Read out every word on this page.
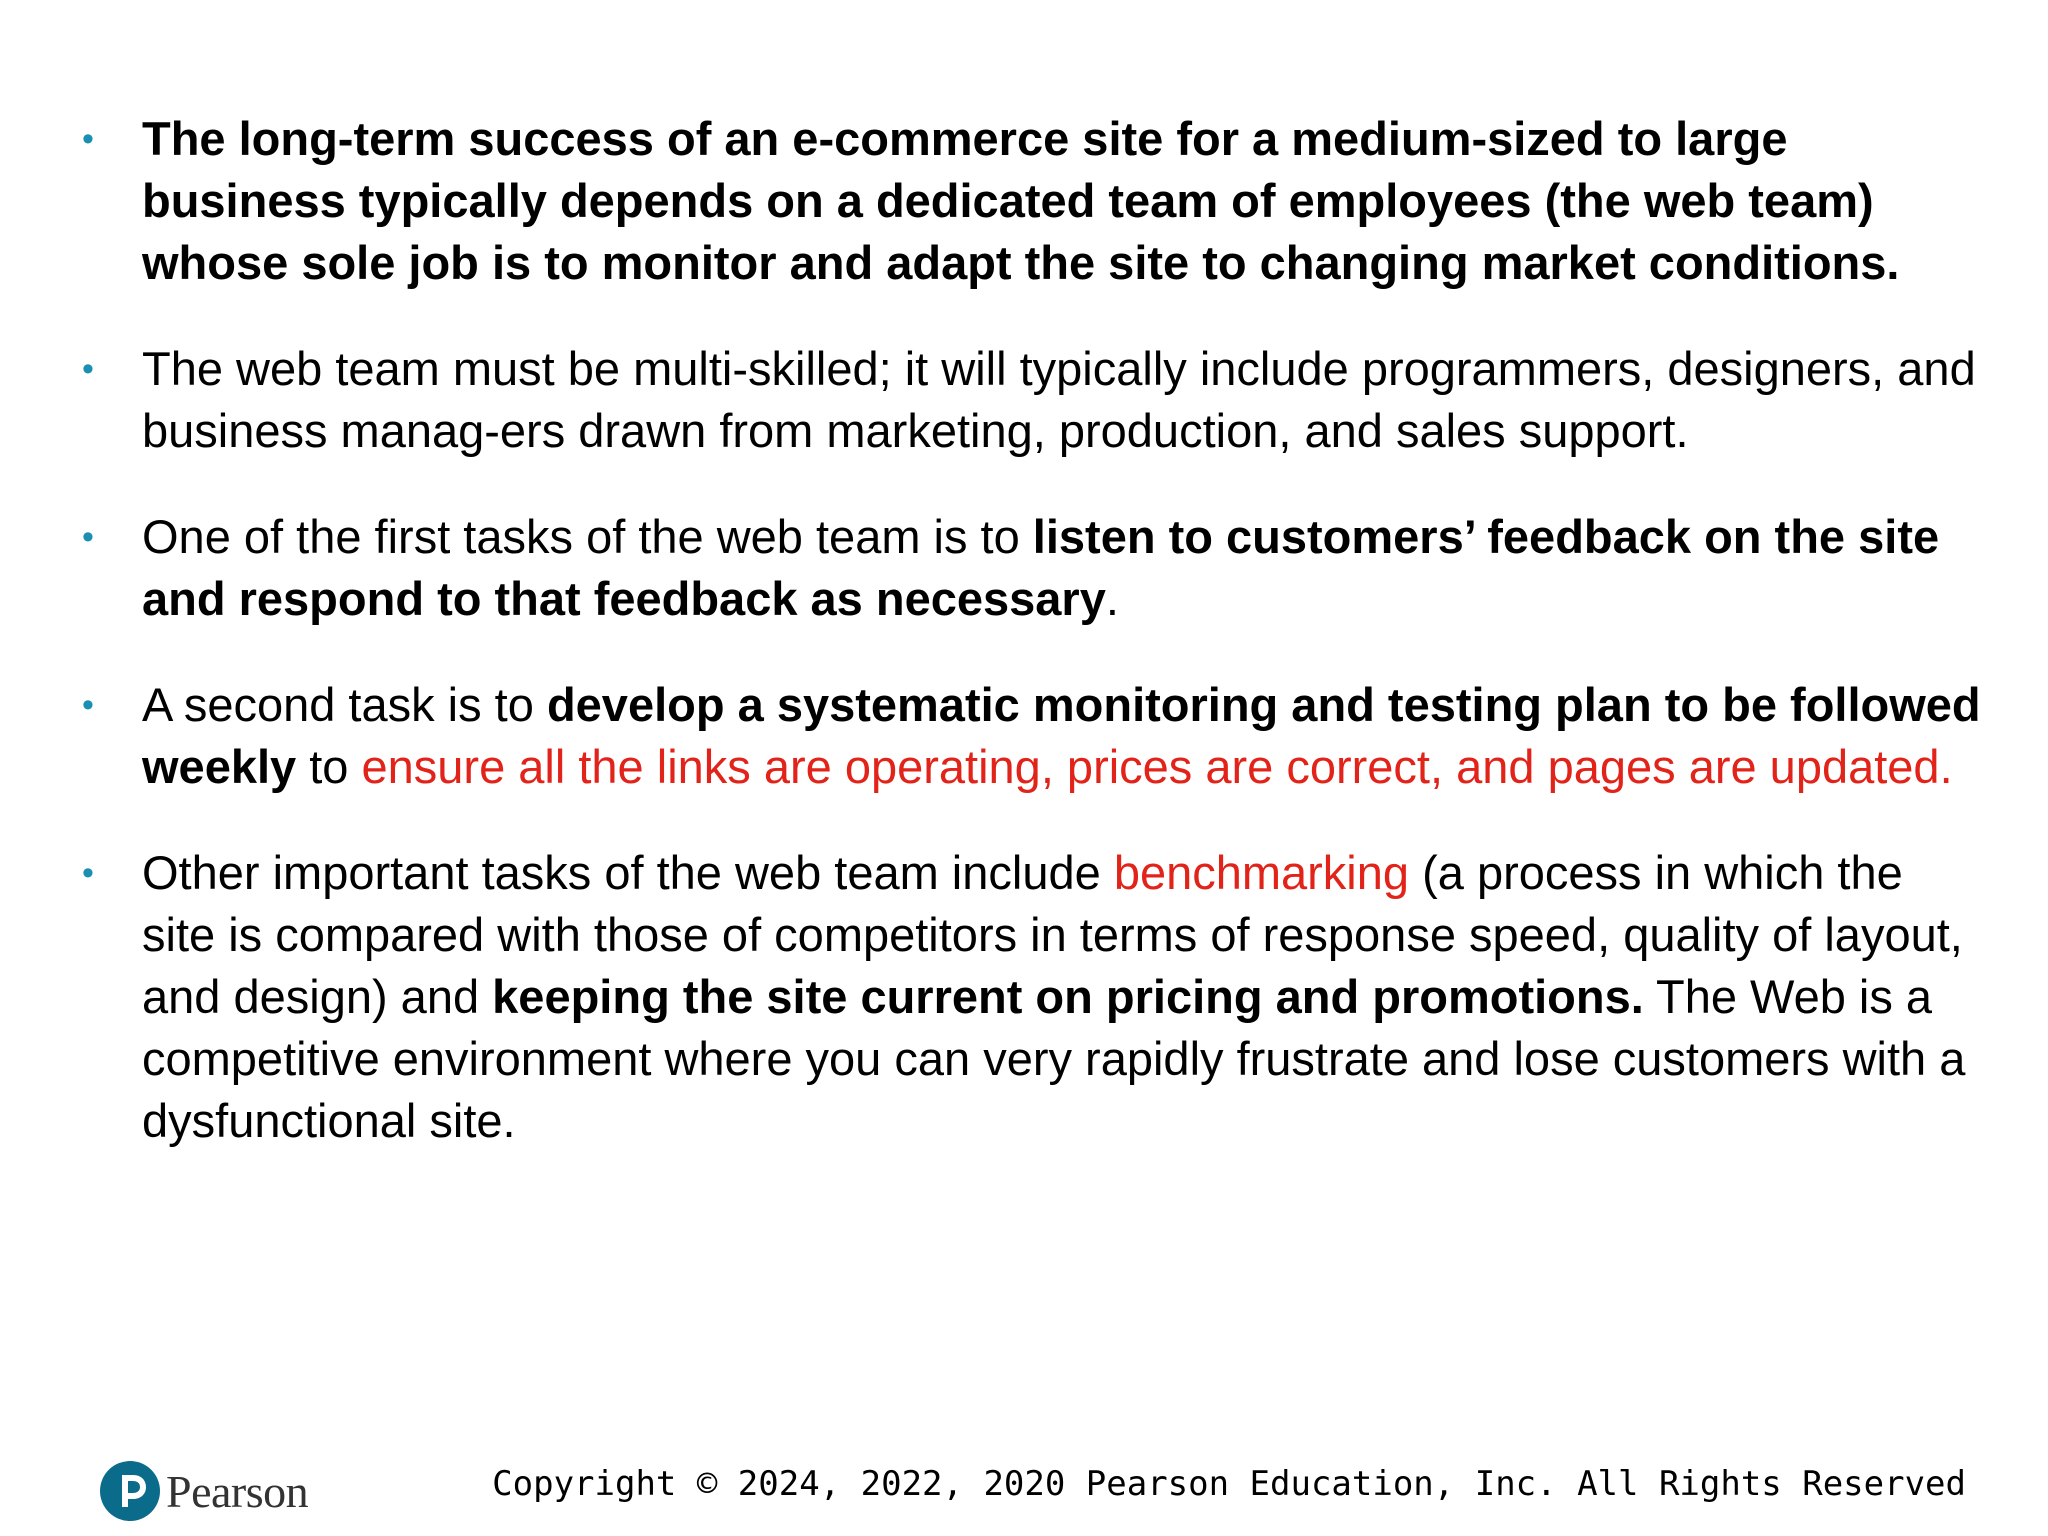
• The long-term success of an e-commerce site for a medium-sized to large business typically depends on a dedicated team of employees (the web team) whose sole job is to monitor and adapt the site to changing market conditions.
• The web team must be multi-skilled; it will typically include programmers, designers, and business manag-ers drawn from marketing, production, and sales support.
• One of the first tasks of the web team is to listen to customers’ feedback on the site and respond to that feedback as necessary.
• A second task is to develop a systematic monitoring and testing plan to be followed weekly to ensure all the links are operating, prices are correct, and pages are updated.
• Other important tasks of the web team include benchmarking (a process in which the site is compared with those of competitors in terms of response speed, quality of layout, and design) and keeping the site current on pricing and promotions. The Web is a competitive environment where you can very rapidly frustrate and lose customers with a dysfunctional site.
Pearson	Copyright © 2024, 2022, 2020 Pearson Education, Inc. All Rights Reserved
